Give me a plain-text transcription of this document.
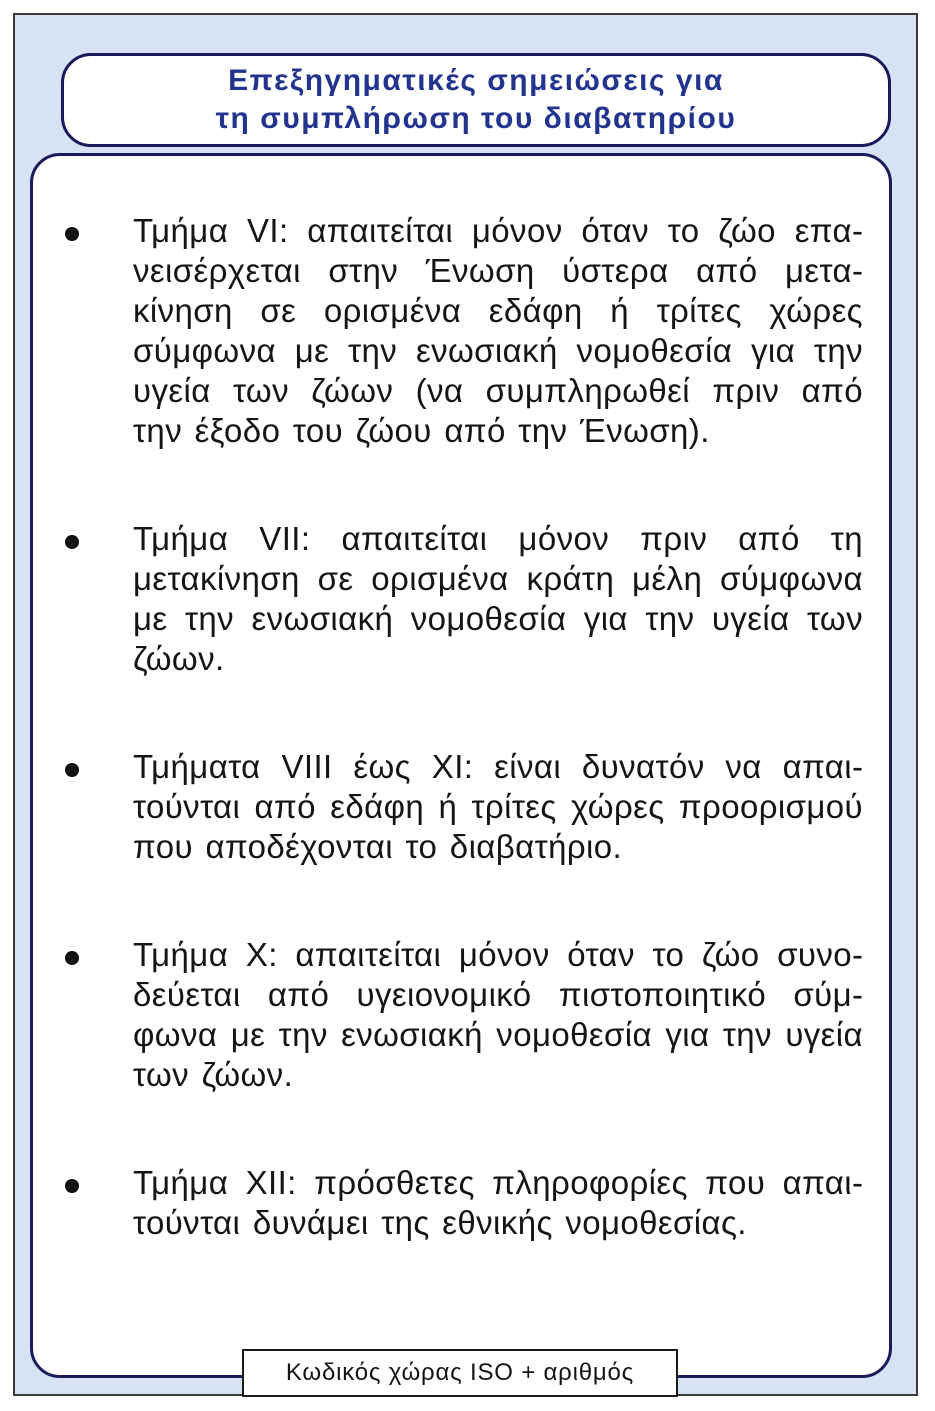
Επεξηγηματικές σημειώσεις για
τη συμπλήρωση του διαβατηρίου
Τμήμα VI: απαιτείται μόνον όταν το ζώο επανεισέρχεται στην Ένωση ύστερα από μετακίνηση σε ορισμένα εδάφη ή τρίτες χώρες σύμφωνα με την ενωσιακή νομοθεσία για την υγεία των ζώων (να συμπληρωθεί πριν από την έξοδο του ζώου από την Ένωση).
Τμήμα VII: απαιτείται μόνον πριν από τη μετακίνηση σε ορισμένα κράτη μέλη σύμφωνα με την ενωσιακή νομοθεσία για την υγεία των ζώων.
Τμήματα VIII έως XI: είναι δυνατόν να απαιτούνται από εδάφη ή τρίτες χώρες προορισμού που αποδέχονται το διαβατήριο.
Τμήμα X: απαιτείται μόνον όταν το ζώο συνοδεύεται από υγειονομικό πιστοποιητικό σύμφωνα με την ενωσιακή νομοθεσία για την υγεία των ζώων.
Τμήμα XII: πρόσθετες πληροφορίες που απαιτούνται δυνάμει της εθνικής νομοθεσίας.
Κωδικός χώρας ISO + αριθμός
